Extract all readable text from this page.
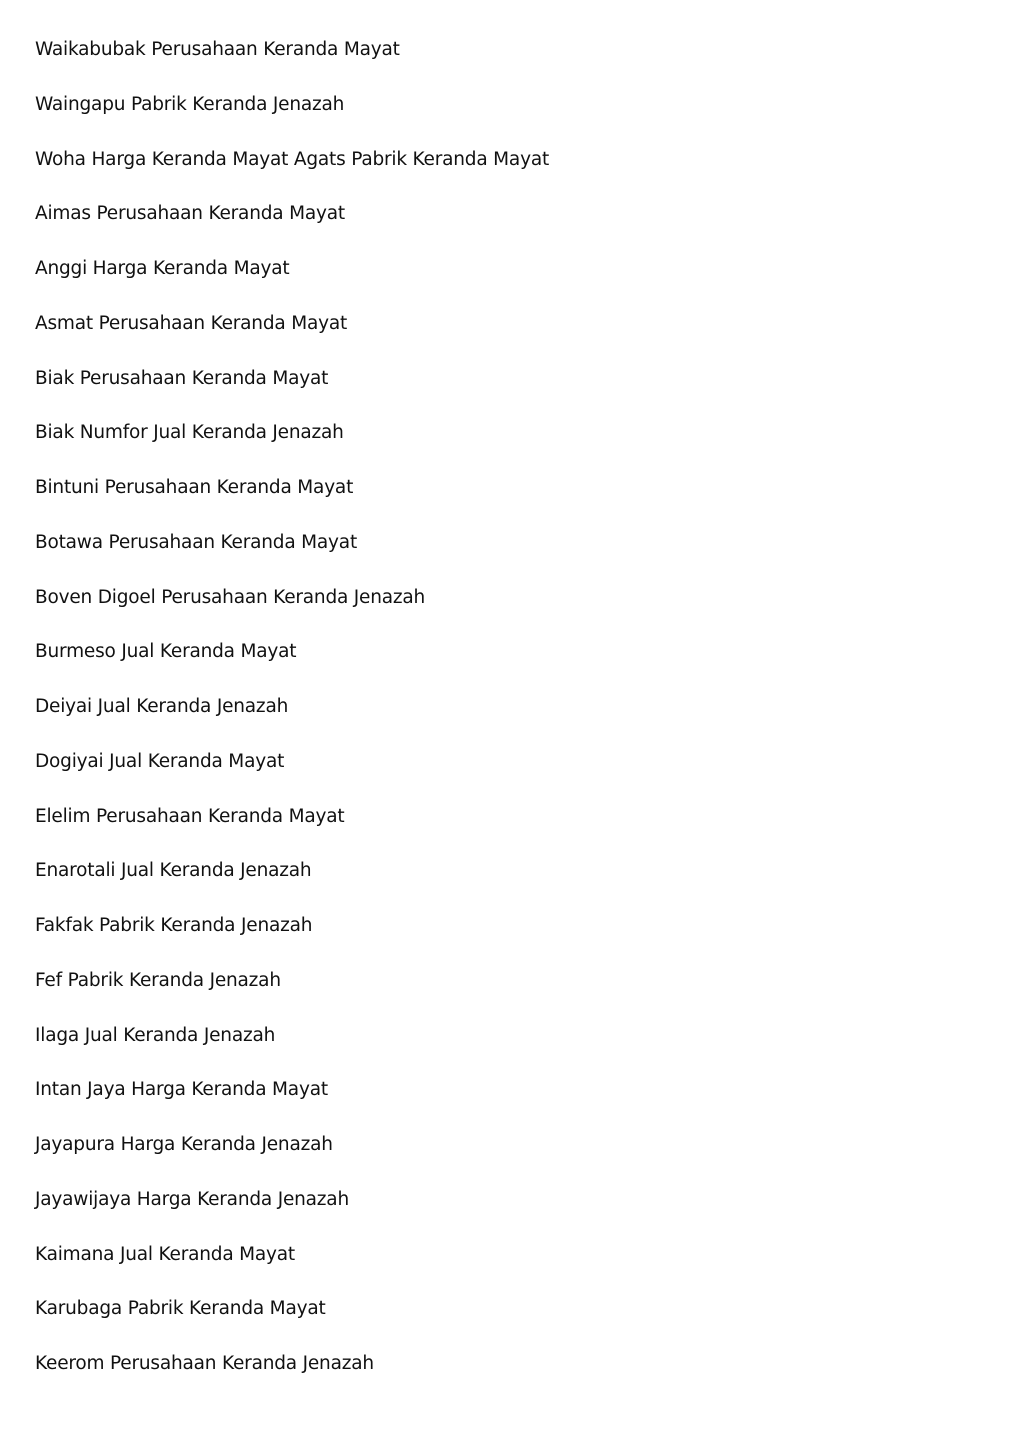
Waikabubak Perusahaan Keranda Mayat
Waingapu Pabrik Keranda Jenazah
Woha Harga Keranda Mayat Agats Pabrik Keranda Mayat
Aimas Perusahaan Keranda Mayat
Anggi Harga Keranda Mayat
Asmat Perusahaan Keranda Mayat
Biak Perusahaan Keranda Mayat
Biak Numfor Jual Keranda Jenazah
Bintuni Perusahaan Keranda Mayat
Botawa Perusahaan Keranda Mayat
Boven Digoel Perusahaan Keranda Jenazah
Burmeso Jual Keranda Mayat
Deiyai Jual Keranda Jenazah
Dogiyai Jual Keranda Mayat
Elelim Perusahaan Keranda Mayat
Enarotali Jual Keranda Jenazah
Fakfak Pabrik Keranda Jenazah
Fef Pabrik Keranda Jenazah
Ilaga Jual Keranda Jenazah
Intan Jaya Harga Keranda Mayat
Jayapura Harga Keranda Jenazah
Jayawijaya Harga Keranda Jenazah
Kaimana Jual Keranda Mayat
Karubaga Pabrik Keranda Mayat
Keerom Perusahaan Keranda Jenazah
